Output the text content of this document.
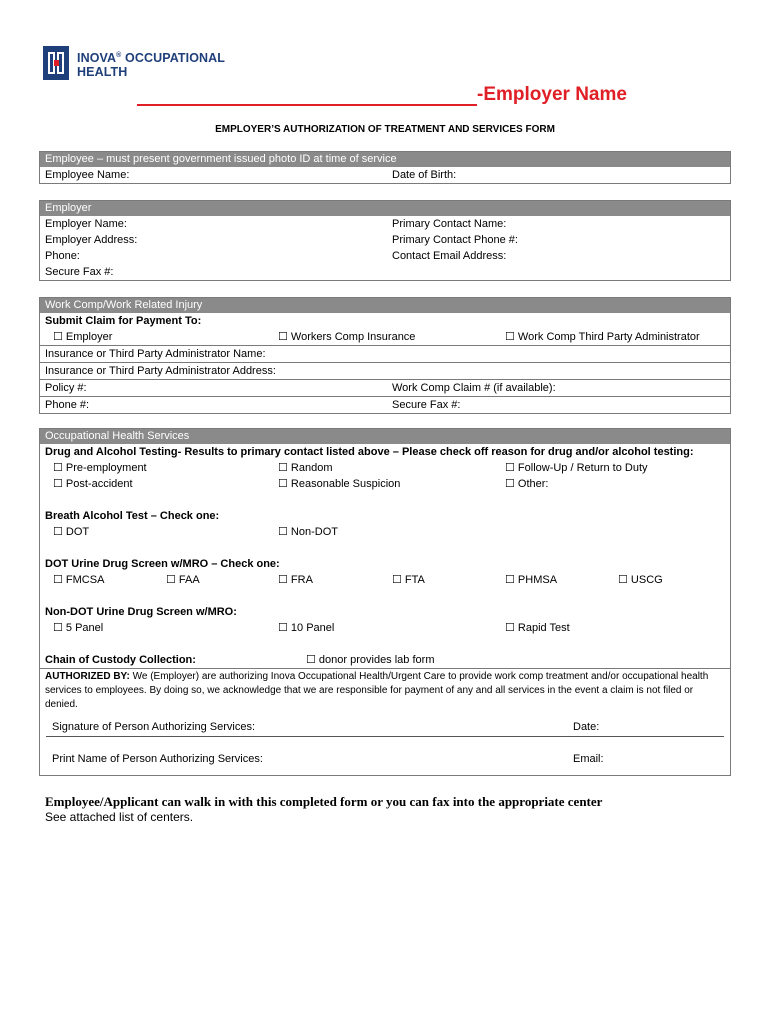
INOVA® OCCUPATIONAL
HEALTH
-Employer Name
EMPLOYER’S AUTHORIZATION OF TREATMENT AND SERVICES FORM
Employee – must present government issued photo ID at time of service
Employee Name:	Date of Birth:
Employer
Employer Name:	Primary Contact Name:
Employer Address:	Primary Contact Phone #:
Phone:	Contact Email Address:
Secure Fax #:
Work Comp/Work Related Injury
Submit Claim for Payment To:
☐ Employer	☐ Workers Comp Insurance	☐ Work Comp Third Party Administrator
Insurance or Third Party Administrator Name:
Insurance or Third Party Administrator Address:
Policy #:	Work Comp Claim # (if available):
Phone #:	Secure Fax #:
Occupational Health Services
Drug and Alcohol Testing- Results to primary contact listed above – Please check off reason for drug and/or alcohol testing:
☐ Pre-employment	☐ Random	☐ Follow-Up / Return to Duty
☐ Post-accident	☐ Reasonable Suspicion	☐ Other:
Breath Alcohol Test – Check one:
☐ DOT	☐ Non-DOT
DOT Urine Drug Screen w/MRO – Check one:
☐ FMCSA	☐ FAA	☐ FRA	☐ FTA	☐ PHMSA	☐ USCG
Non-DOT Urine Drug Screen w/MRO:
☐ 5 Panel	☐ 10 Panel	☐ Rapid Test
Chain of Custody Collection:	☐ donor provides lab form
AUTHORIZED BY: We (Employer) are authorizing Inova Occupational Health/Urgent Care to provide work comp treatment and/or occupational health services to employees. By doing so, we acknowledge that we are responsible for payment of any and all services in the event a claim is not filed or denied.
Signature of Person Authorizing Services:	Date:
Print Name of Person Authorizing Services:	Email:
Employee/Applicant can walk in with this completed form or you can fax into the appropriate center
See attached list of centers.
